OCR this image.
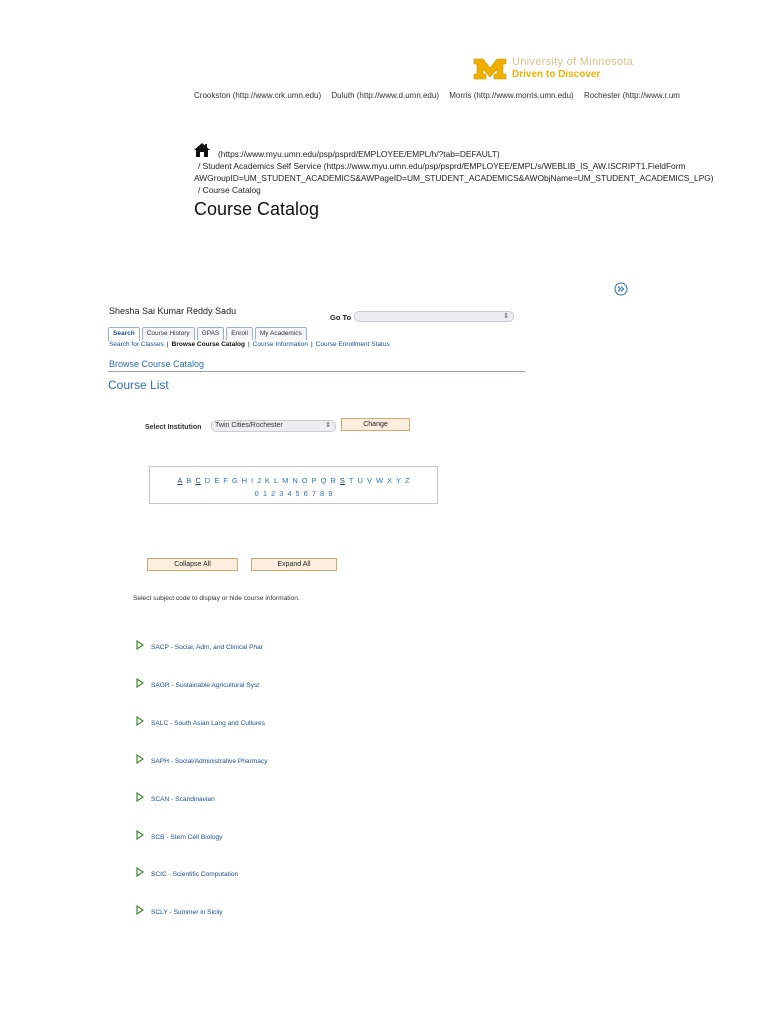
University of Minnesota
Driven to Discover
Crookston (http://www.crk.umn.edu) Duluth (http://www.d.umn.edu) Morris (http://www.morris.umn.edu) Rochester (http://www.r.um
(https://www.myu.umn.edu/psp/psprd/EMPLOYEE/EMPL/h/?tab=DEFAULT)
/ Student Academics Self Service (https://www.myu.umn.edu/psp/psprd/EMPLOYEE/EMPL/s/WEBLIB_IS_AW.ISCRIPT1.FieldForm
AWGroupID=UM_STUDENT_ACADEMICS&AWPageID=UM_STUDENT_ACADEMICS&AWObjName=UM_STUDENT_ACADEMICS_LPG)
/ Course Catalog
Course Catalog
Shesha Sai Kumar Reddy Sadu
Go To	⇕
Search	Course History	GPAS	Enroll	My Academics
Search for Classes | Browse Course Catalog | Course Information | Course Enrollment Status
Browse Course Catalog
Course List
Select Institution	Twin Cities/Rochester	⇕	Change
A B C D E F G H I J K L M N O P Q R S T U V W X Y Z
0 1 2 3 4 5 6 7 8 9
Collapse All	Expand All
Select subject code to display or hide course information.
SACP - Social, Adm, and Clinical Phar
SAGR - Sustainable Agricultural Syst
SALC - South Asian Lang and Cultures
SAPH - Social/Administrative Pharmacy
SCAN - Scandinavian
SCB - Stem Cell Biology
SCIC - Scientific Computation
SCLY - Summer in Sicily
